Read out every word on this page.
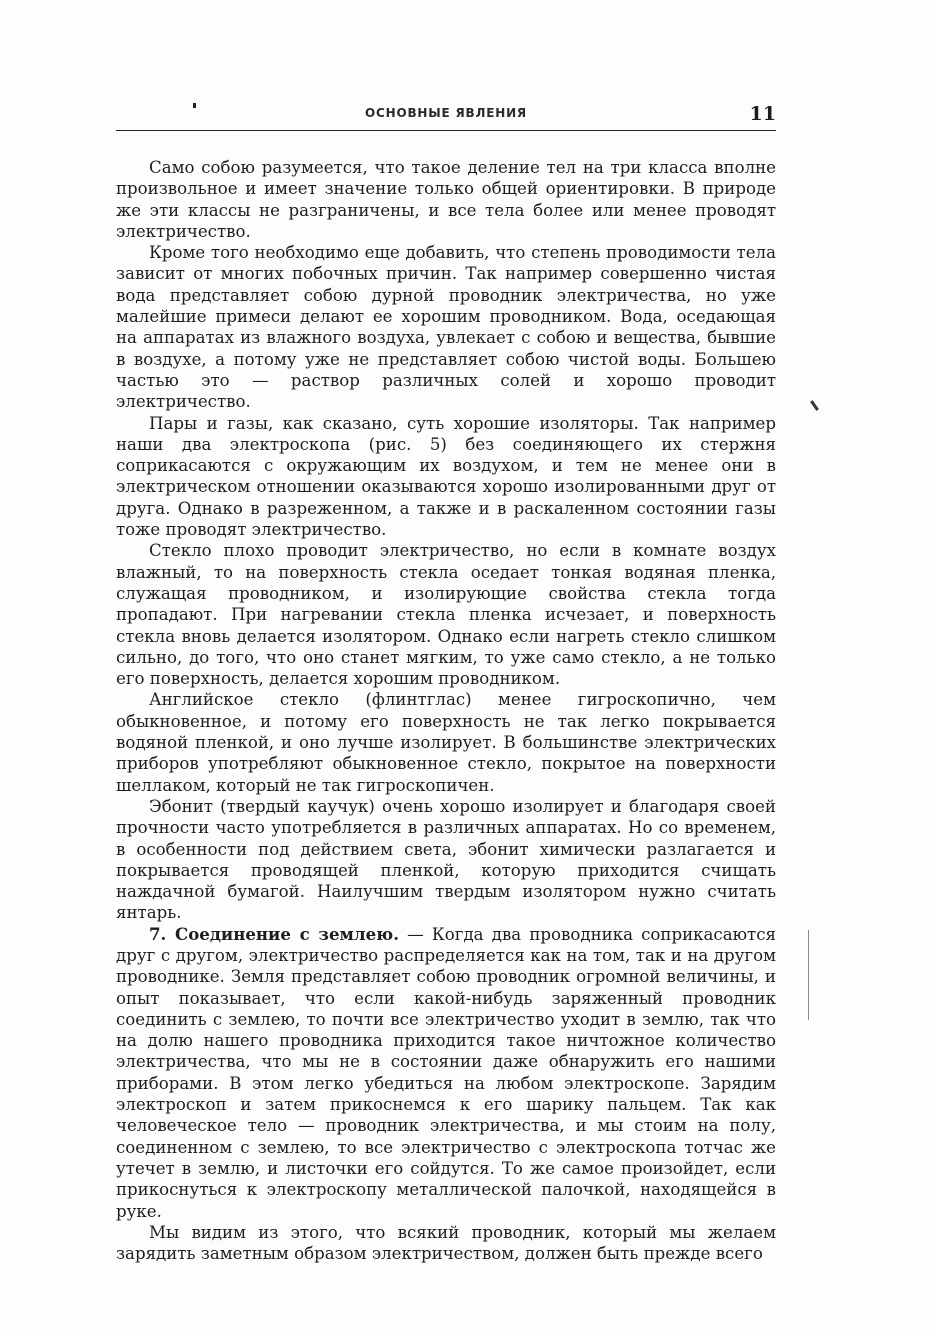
ОСНОВНЫЕ ЯВЛЕНИЯ	11

Само собою разумеется, что такое деление тел на три класса вполне произвольное и имеет значение только общей ориентировки. В природе же эти классы не разграничены, и все тела более или менее проводят электричество.

Кроме того необходимо еще добавить, что степень проводимости тела зависит от многих побочных причин. Так например совершенно чистая вода представляет собою дурной проводник электричества, но уже малейшие примеси делают ее хорошим проводником. Вода, оседающая на аппаратах из влажного воздуха, увлекает с собою и вещества, бывшие в воздухе, а потому уже не представляет собою чистой воды. Большею частью это — раствор различных солей и хорошо проводит электричество.

Пары и газы, как сказано, суть хорошие изоляторы. Так например наши два электроскопа (рис. 5) без соединяющего их стержня соприкасаются с окружающим их воздухом, и тем не менее они в электрическом отношении оказываются хорошо изолированными друг от друга. Однако в разреженном, а также и в раскаленном состоянии газы тоже проводят электричество.

Стекло плохо проводит электричество, но если в комнате воздух влажный, то на поверхность стекла оседает тонкая водяная пленка, служащая проводником, и изолирующие свойства стекла тогда пропадают. При нагревании стекла пленка исчезает, и поверхность стекла вновь делается изолятором. Однако если нагреть стекло слишком сильно, до того, что оно станет мягким, то уже само стекло, а не только его поверхность, делается хорошим проводником.

Английское стекло (флинтглас) менее гигроскопично, чем обыкновенное, и потому его поверхность не так легко покрывается водяной пленкой, и оно лучше изолирует. В большинстве электрических приборов употребляют обыкновенное стекло, покрытое на поверхности шеллаком, который не так гигроскопичен.

Эбонит (твердый каучук) очень хорошо изолирует и благодаря своей прочности часто употребляется в различных аппаратах. Но со временем, в особенности под действием света, эбонит химически разлагается и покрывается проводящей пленкой, которую приходится счищать наждачной бумагой. Наилучшим твердым изолятором нужно считать янтарь.

7. Соединение с землею. — Когда два проводника соприкасаются друг с другом, электричество распределяется как на том, так и на другом проводнике. Земля представляет собою проводник огромной величины, и опыт показывает, что если какой-нибудь заряженный проводник соединить с землею, то почти все электричество уходит в землю, так что на долю нашего проводника приходится такое ничтожное количество электричества, что мы не в состоянии даже обнаружить его нашими приборами. В этом легко убедиться на любом электроскопе. Зарядим электроскоп и затем прикоснемся к его шарику пальцем. Так как человеческое тело — проводник электричества, и мы стоим на полу, соединенном с землею, то все электричество с электроскопа тотчас же утечет в землю, и листочки его сойдутся. То же самое произойдет, если прикоснуться к электроскопу металлической палочкой, находящейся в руке.

Мы видим из этого, что всякий проводник, который мы желаем зарядить заметным образом электричеством, должен быть прежде всего
